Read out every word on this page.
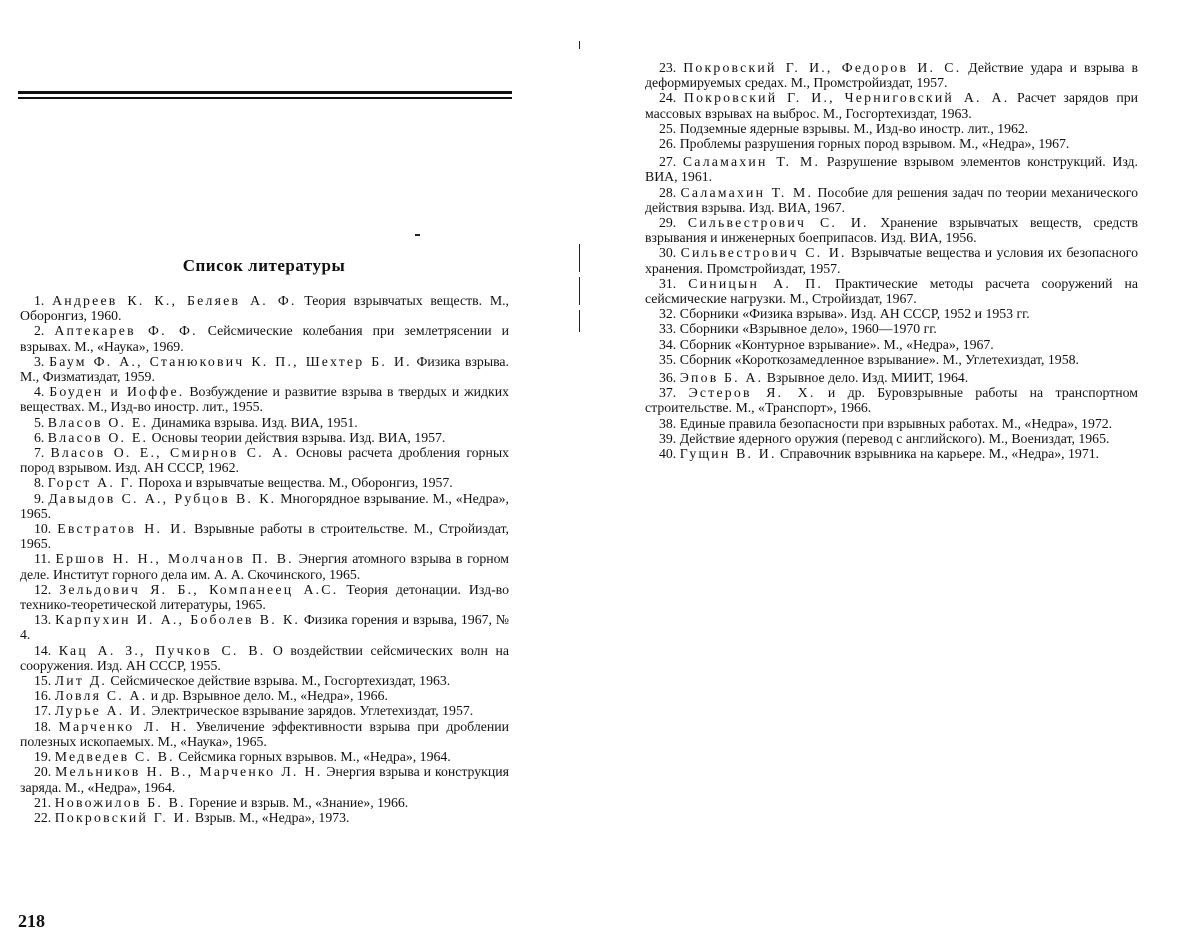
Список литературы
1. Андреев К. К., Беляев А. Ф. Теория взрывчатых веществ. М., Оборонгиз, 1960.
2. Аптекарев Ф. Ф. Сейсмические колебания при землетрясении и взрывах. М., «Наука», 1969.
3. Баум Ф. А., Станюкович К. П., Шехтер Б. И. Физика взрыва. М., Физматиздат, 1959.
4. Боуден и Иоффе. Возбуждение и развитие взрыва в твердых и жидких веществах. М., Изд-во иностр. лит., 1955.
5. Власов О. Е. Динамика взрыва. Изд. ВИА, 1951.
6. Власов О. Е. Основы теории действия взрыва. Изд. ВИА, 1957.
7. Власов О. Е., Смирнов С. А. Основы расчета дробления горных пород взрывом. Изд. АН СССР, 1962.
8. Горст А. Г. Пороха и взрывчатые вещества. М., Оборонгиз, 1957.
9. Давыдов С. А., Рубцов В. К. Многорядное взрывание. М., «Недра», 1965.
10. Евстратов Н. И. Взрывные работы в строительстве. М., Стройиздат, 1965.
11. Ершов Н. Н., Молчанов П. В. Энергия атомного взрыва в горном деле. Институт горного дела им. А. А. Скочинского, 1965.
12. Зельдович Я. Б., Компанеец А.С. Теория детонации. Изд-во технико-теоретической литературы, 1965.
13. Карпухин И. А., Боболев В. К. Физика горения и взрыва, 1967, № 4.
14. Кац А. З., Пучков С. В. О воздействии сейсмических волн на сооружения. Изд. АН СССР, 1955.
15. Лит Д. Сейсмическое действие взрыва. М., Госгортехиздат, 1963.
16. Ловля С. А. и др. Взрывное дело. М., «Недра», 1966.
17. Лурье А. И. Электрическое взрывание зарядов. Углетехиздат, 1957.
18. Марченко Л. Н. Увеличение эффективности взрыва при дроблении полезных ископаемых. М., «Наука», 1965.
19. Медведев С. В. Сейсмика горных взрывов. М., «Недра», 1964.
20. Мельников Н. В., Марченко Л. Н. Энергия взрыва и конструкция заряда. М., «Недра», 1964.
21. Новожилов Б. В. Горение и взрыв. М., «Знание», 1966.
22. Покровский Г. И. Взрыв. М., «Недра», 1973.
23. Покровский Г. И., Федоров И. С. Действие удара и взрыва в деформируемых средах. М., Промстройиздат, 1957.
24. Покровский Г. И., Черниговский А. А. Расчет зарядов при массовых взрывах на выброс. М., Госгортехиздат, 1963.
25. Подземные ядерные взрывы. М., Изд-во иностр. лит., 1962.
26. Проблемы разрушения горных пород взрывом. М., «Недра», 1967.
27. Саламахин Т. М. Разрушение взрывом элементов конструкций. Изд. ВИА, 1961.
28. Саламахин Т. М. Пособие для решения задач по теории механического действия взрыва. Изд. ВИА, 1967.
29. Сильвестрович С. И. Хранение взрывчатых веществ, средств взрывания и инженерных боеприпасов. Изд. ВИА, 1956.
30. Сильвестрович С. И. Взрывчатые вещества и условия их безопасного хранения. Промстройиздат, 1957.
31. Синицын А. П. Практические методы расчета сооружений на сейсмические нагрузки. М., Стройиздат, 1967.
32. Сборники «Физика взрыва». Изд. АН СССР, 1952 и 1953 гг.
33. Сборники «Взрывное дело», 1960—1970 гг.
34. Сборник «Контурное взрывание». М., «Недра», 1967.
35. Сборник «Короткозамедленное взрывание». М., Углетехиздат, 1958.
36. Эпов Б. А. Взрывное дело. Изд. МИИТ, 1964.
37. Эстеров Я. Х. и др. Буровзрывные работы на транспортном строительстве. М., «Транспорт», 1966.
38. Единые правила безопасности при взрывных работах. М., «Недра», 1972.
39. Действие ядерного оружия (перевод с английского). М., Воениздат, 1965.
40. Гущин В. И. Справочник взрывника на карьере. М., «Недра», 1971.
218
